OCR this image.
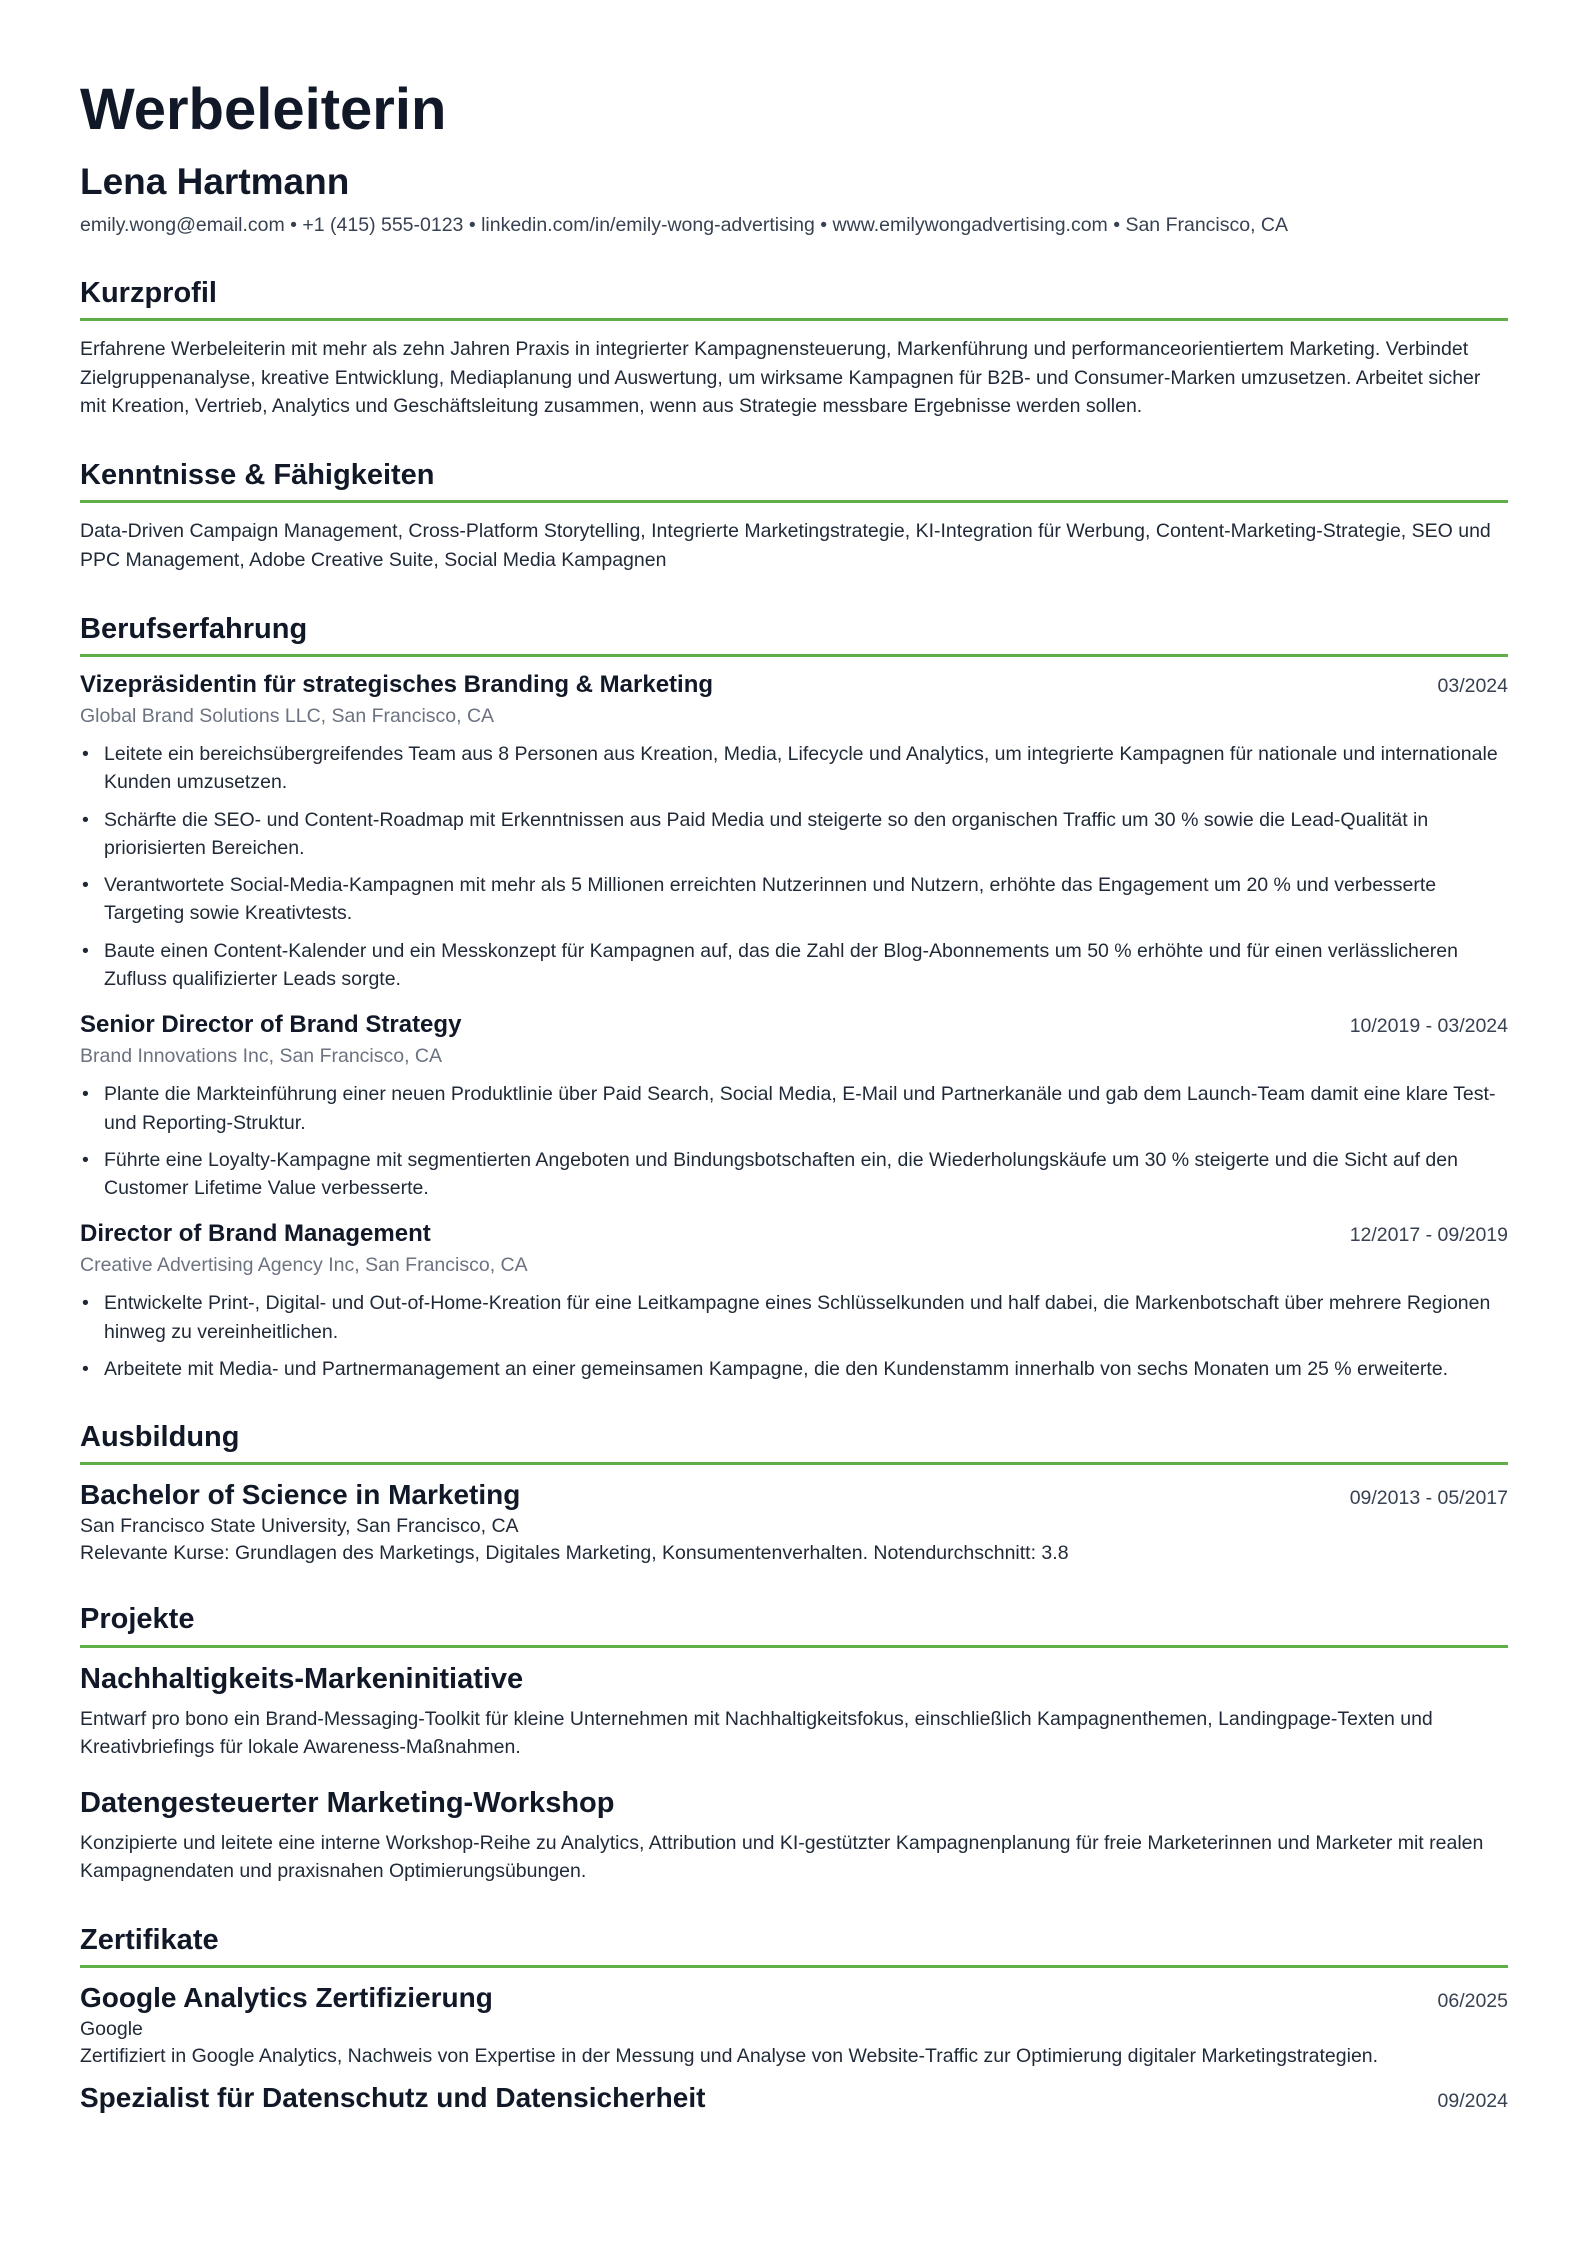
Werbeleiterin
Lena Hartmann
emily.wong@email.com • +1 (415) 555-0123 • linkedin.com/in/emily-wong-advertising • www.emilywongadvertising.com • San Francisco, CA
Kurzprofil

Erfahrene Werbeleiterin mit mehr als zehn Jahren Praxis in integrierter Kampagnensteuerung, Markenführung und performanceorientiertem Marketing. Verbindet Zielgruppenanalyse, kreative Entwicklung, Mediaplanung und Auswertung, um wirksame Kampagnen für B2B- und Consumer-Marken umzusetzen. Arbeitet sicher mit Kreation, Vertrieb, Analytics und Geschäftsleitung zusammen, wenn aus Strategie messbare Ergebnisse werden sollen.

Kenntnisse & Fähigkeiten

Data-Driven Campaign Management, Cross-Platform Storytelling, Integrierte Marketingstrategie, KI-Integration für Werbung, Content-Marketing-Strategie, SEO und PPC Management, Adobe Creative Suite, Social Media Kampagnen

Berufserfahrung
Vizepräsidentin für strategisches Branding & Marketing	03/2024
Global Brand Solutions LLC, San Francisco, CA
• Leitete ein bereichsübergreifendes Team aus 8 Personen aus Kreation, Media, Lifecycle und Analytics, um integrierte Kampagnen für nationale und internationale Kunden umzusetzen.
• Schärfte die SEO- und Content-Roadmap mit Erkenntnissen aus Paid Media und steigerte so den organischen Traffic um 30 % sowie die Lead-Qualität in priorisierten Bereichen.
• Verantwortete Social-Media-Kampagnen mit mehr als 5 Millionen erreichten Nutzerinnen und Nutzern, erhöhte das Engagement um 20 % und verbesserte Targeting sowie Kreativtests.
• Baute einen Content-Kalender und ein Messkonzept für Kampagnen auf, das die Zahl der Blog-Abonnements um 50 % erhöhte und für einen verlässlicheren Zufluss qualifizierter Leads sorgte.
Senior Director of Brand Strategy	10/2019 - 03/2024
Brand Innovations Inc, San Francisco, CA
• Plante die Markteinführung einer neuen Produktlinie über Paid Search, Social Media, E-Mail und Partnerkanäle und gab dem Launch-Team damit eine klare Test- und Reporting-Struktur.
• Führte eine Loyalty-Kampagne mit segmentierten Angeboten und Bindungsbotschaften ein, die Wiederholungskäufe um 30 % steigerte und die Sicht auf den Customer Lifetime Value verbesserte.
Director of Brand Management	12/2017 - 09/2019
Creative Advertising Agency Inc, San Francisco, CA
• Entwickelte Print-, Digital- und Out-of-Home-Kreation für eine Leitkampagne eines Schlüsselkunden und half dabei, die Markenbotschaft über mehrere Regionen hinweg zu vereinheitlichen.
• Arbeitete mit Media- und Partnermanagement an einer gemeinsamen Kampagne, die den Kundenstamm innerhalb von sechs Monaten um 25 % erweiterte.
Ausbildung
Bachelor of Science in Marketing	09/2013 - 05/2017
San Francisco State University, San Francisco, CA
Relevante Kurse: Grundlagen des Marketings, Digitales Marketing, Konsumentenverhalten. Notendurchschnitt: 3.8
Projekte
Nachhaltigkeits-Markeninitiative

Entwarf pro bono ein Brand-Messaging-Toolkit für kleine Unternehmen mit Nachhaltigkeitsfokus, einschließlich Kampagnenthemen, Landingpage-Texten und Kreativbriefings für lokale Awareness-Maßnahmen.

Datengesteuerter Marketing-Workshop

Konzipierte und leitete eine interne Workshop-Reihe zu Analytics, Attribution und KI-gestützter Kampagnenplanung für freie Marketerinnen und Marketer mit realen Kampagnendaten und praxisnahen Optimierungsübungen.

Zertifikate
Google Analytics Zertifizierung	06/2025
Google
Zertifiziert in Google Analytics, Nachweis von Expertise in der Messung und Analyse von Website-Traffic zur Optimierung digitaler Marketingstrategien.
Spezialist für Datenschutz und Datensicherheit	09/2024
